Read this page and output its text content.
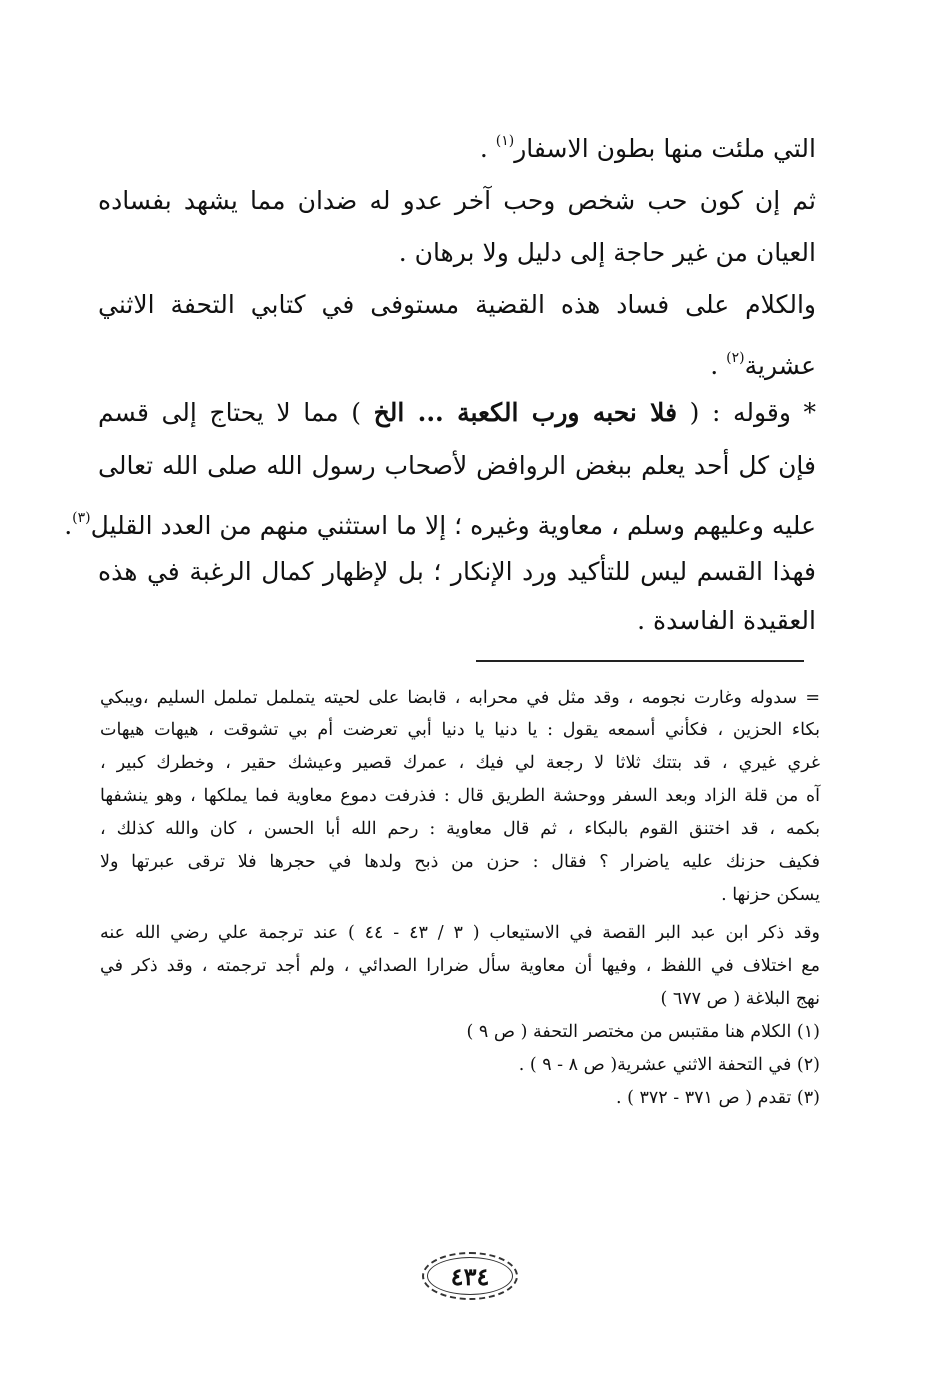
التي ملئت منها بطون الاسفار$^{(١)}$ .
ثم إن كون حب شخص وحب آخر عدو له ضدان مما يشهد بفساده
العيان من غير حاجة إلى دليل ولا برهان .
والكلام على فساد هذه القضية مستوفى في كتابي التحفة الاثني
عشرية$^{(٢)}$ .
* وقوله : ( فلا نحبه ورب الكعبة ... الخ ) مما لا يحتاج إلى قسم
فإن كل أحد يعلم ببغض الروافض لأصحاب رسول الله صلى الله تعالى
عليه وعليهم وسلم ، معاوية وغيره ؛ إلا ما استثني منهم من العدد القليل$^{(٣)}$.
فهذا القسم ليس للتأكيد ورد الإنكار ؛ بل لإظهار كمال الرغبة في هذه
العقيدة الفاسدة .
= سدوله وغارت نجومه ، وقد مثل في محرابه ، قابضا على لحيته يتململ تململ السليم ،ويبكي
بكاء الحزين ، فكأني أسمعه يقول : يا دنيا يا دنيا أبي تعرضت أم بي تشوقت ، هيهات هيهات
غري غيري ، قد بتتك ثلاثا لا رجعة لي فيك ، عمرك قصير وعيشك حقير ، وخطرك كبير ،
آه من قلة الزاد وبعد السفر ووحشة الطريق قال : فذرفت دموع معاوية فما يملكها ، وهو ينشفها
بكمه ، قد اختنق القوم بالبكاء ، ثم قال معاوية : رحم الله أبا الحسن ، كان والله كذلك ،
فكيف حزنك عليه ياضرار ؟ فقال : حزن من ذبح ولدها في حجرها فلا ترقى عبرتها ولا
يسكن حزنها .
وقد ذكر ابن عبد البر القصة في الاستيعاب ( ٣ / ٤٣ - ٤٤ ) عند ترجمة علي رضي الله عنه
مع اختلاف في اللفظ ، وفيها أن معاوية سأل ضرارا الصدائي ، ولم أجد ترجمته ، وقد ذكر في
نهج البلاغة ( ص ٦٧٧ )
(١) الكلام هنا مقتبس من مختصر التحفة ( ص ٩ )
(٢) في التحفة الاثني عشرية( ص ٨ - ٩ ) .
(٣) تقدم ( ص ٣٧١ - ٣٧٢ ) .
٤٣٤
